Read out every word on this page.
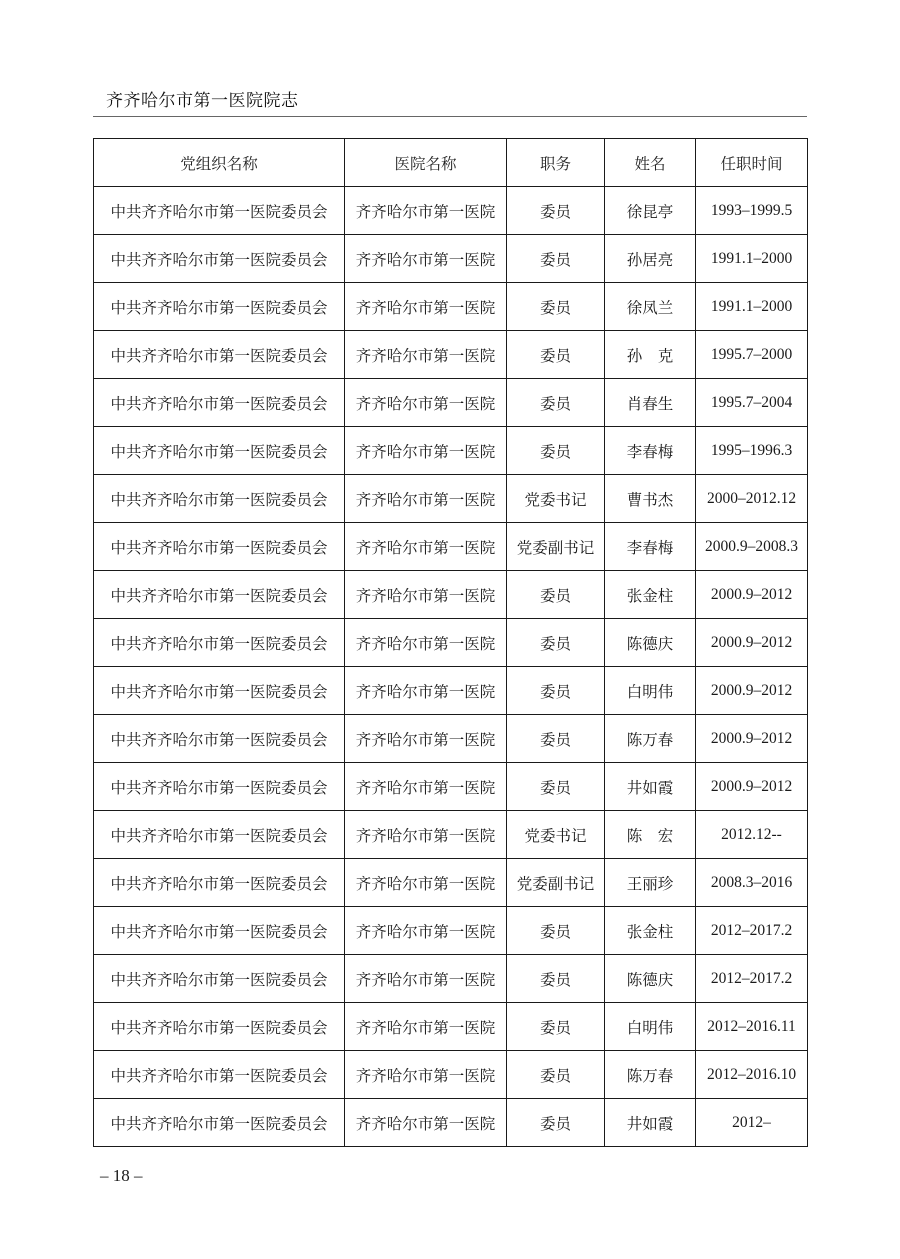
齐齐哈尔市第一医院院志
党组织名称	医院名称	职务	姓名	任职时间
中共齐齐哈尔市第一医院委员会	齐齐哈尔市第一医院	委员	徐昆亭	1993–1999.5
中共齐齐哈尔市第一医院委员会	齐齐哈尔市第一医院	委员	孙居亮	1991.1–2000
中共齐齐哈尔市第一医院委员会	齐齐哈尔市第一医院	委员	徐凤兰	1991.1–2000
中共齐齐哈尔市第一医院委员会	齐齐哈尔市第一医院	委员	孙　克	1995.7–2000
中共齐齐哈尔市第一医院委员会	齐齐哈尔市第一医院	委员	肖春生	1995.7–2004
中共齐齐哈尔市第一医院委员会	齐齐哈尔市第一医院	委员	李春梅	1995–1996.3
中共齐齐哈尔市第一医院委员会	齐齐哈尔市第一医院	党委书记	曹书杰	2000–2012.12
中共齐齐哈尔市第一医院委员会	齐齐哈尔市第一医院	党委副书记	李春梅	2000.9–2008.3
中共齐齐哈尔市第一医院委员会	齐齐哈尔市第一医院	委员	张金柱	2000.9–2012
中共齐齐哈尔市第一医院委员会	齐齐哈尔市第一医院	委员	陈德庆	2000.9–2012
中共齐齐哈尔市第一医院委员会	齐齐哈尔市第一医院	委员	白明伟	2000.9–2012
中共齐齐哈尔市第一医院委员会	齐齐哈尔市第一医院	委员	陈万春	2000.9–2012
中共齐齐哈尔市第一医院委员会	齐齐哈尔市第一医院	委员	井如霞	2000.9–2012
中共齐齐哈尔市第一医院委员会	齐齐哈尔市第一医院	党委书记	陈　宏	2012.12--
中共齐齐哈尔市第一医院委员会	齐齐哈尔市第一医院	党委副书记	王丽珍	2008.3–2016
中共齐齐哈尔市第一医院委员会	齐齐哈尔市第一医院	委员	张金柱	2012–2017.2
中共齐齐哈尔市第一医院委员会	齐齐哈尔市第一医院	委员	陈德庆	2012–2017.2
中共齐齐哈尔市第一医院委员会	齐齐哈尔市第一医院	委员	白明伟	2012–2016.11
中共齐齐哈尔市第一医院委员会	齐齐哈尔市第一医院	委员	陈万春	2012–2016.10
中共齐齐哈尔市第一医院委员会	齐齐哈尔市第一医院	委员	井如霞	2012–
– 18 –
